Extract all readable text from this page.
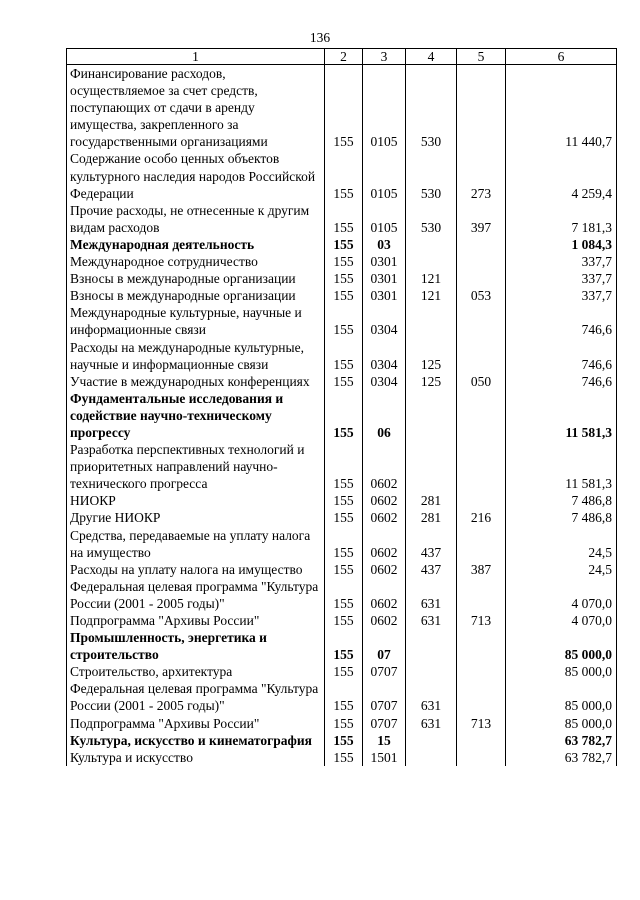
136
1	2	3	4	5	6
Финансирование расходов, осуществляемое за счет средств, поступающих от сдачи в аренду имущества, закрепленного за государственными организациями	155	0105	530		11 440,7
Содержание особо ценных объектов культурного наследия народов Российской Федерации	155	0105	530	273	4 259,4
Прочие расходы, не отнесенные к другим видам расходов	155	0105	530	397	7 181,3
Международная деятельность	155	03			1 084,3
Международное сотрудничество	155	0301			337,7
Взносы в международные организации	155	0301	121		337,7
Взносы в международные организации	155	0301	121	053	337,7
Международные культурные, научные и информационные связи	155	0304			746,6
Расходы на международные культурные, научные и информационные связи	155	0304	125		746,6
Участие в международных конференциях	155	0304	125	050	746,6
Фундаментальные исследования и содействие научно-техническому прогрессу	155	06			11 581,3
Разработка перспективных технологий и приоритетных направлений научно-технического прогресса	155	0602			11 581,3
НИОКР	155	0602	281		7 486,8
Другие НИОКР	155	0602	281	216	7 486,8
Средства, передаваемые на уплату налога на имущество	155	0602	437		24,5
Расходы на уплату налога на имущество	155	0602	437	387	24,5
Федеральная целевая программа "Культура России (2001 - 2005 годы)"	155	0602	631		4 070,0
Подпрограмма "Архивы России"	155	0602	631	713	4 070,0
Промышленность, энергетика и строительство	155	07			85 000,0
Строительство, архитектура	155	0707			85 000,0
Федеральная целевая программа "Культура России (2001 - 2005 годы)"	155	0707	631		85 000,0
Подпрограмма "Архивы России"	155	0707	631	713	85 000,0
Культура, искусство и кинематография	155	15			63 782,7
Культура и искусство	155	1501			63 782,7
